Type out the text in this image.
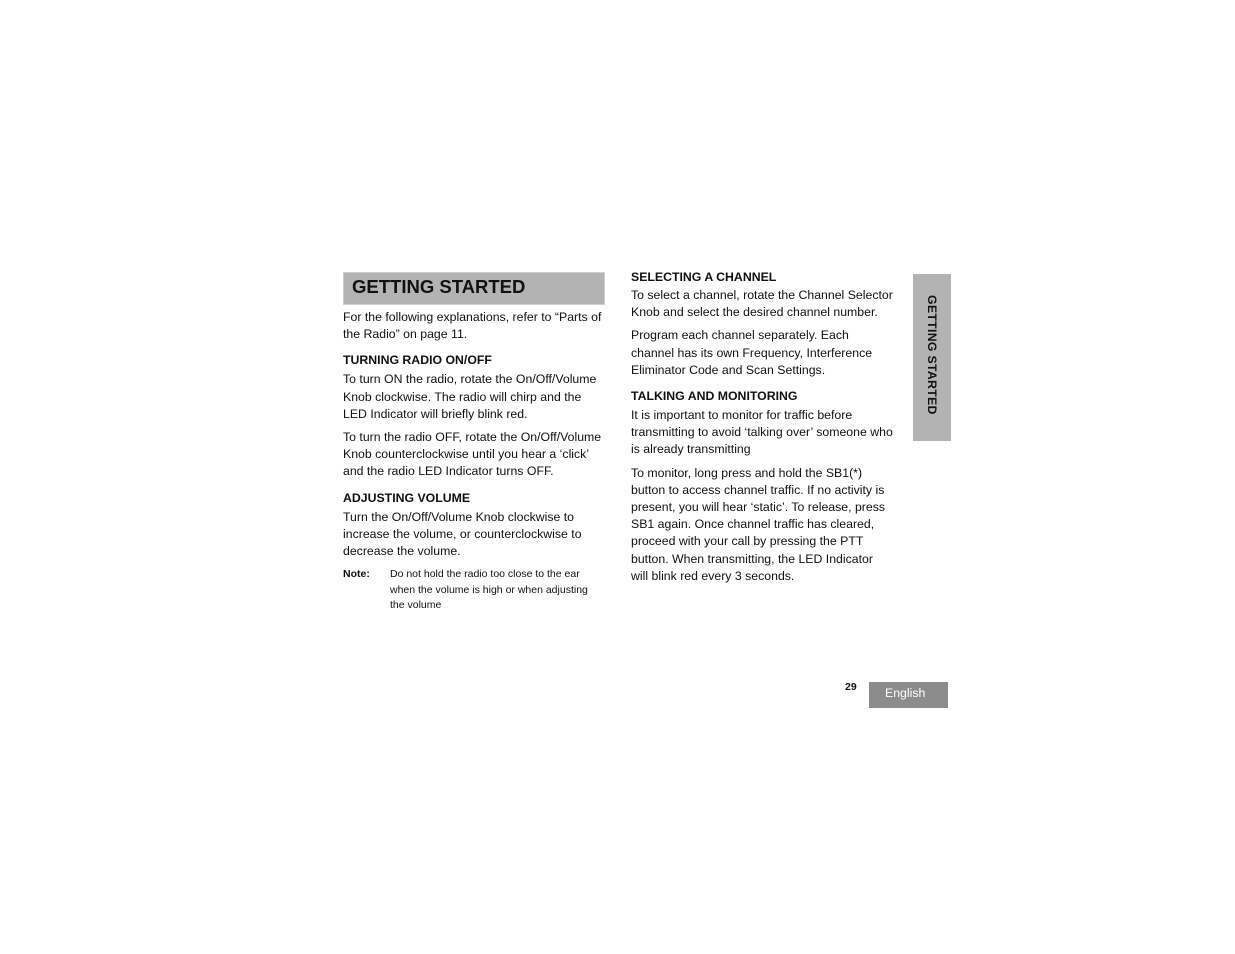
GETTING STARTED

For the following explanations, refer to “Parts of the Radio” on page 11.

TURNING RADIO ON/OFF

To turn ON the radio, rotate the On/Off/Volume Knob clockwise. The radio will chirp and the LED Indicator will briefly blink red.

To turn the radio OFF, rotate the On/Off/Volume Knob counterclockwise until you hear a ‘click’ and the radio LED Indicator turns OFF.

ADJUSTING VOLUME

Turn the On/Off/Volume Knob clockwise to increase the volume, or counterclockwise to decrease the volume.

Note:	Do not hold the radio too close to the ear when the volume is high or when adjusting the volume
SELECTING A CHANNEL

To select a channel, rotate the Channel Selector Knob and select the desired channel number.

Program each channel separately. Each channel has its own Frequency, Interference Eliminator Code and Scan Settings.

TALKING AND MONITORING

It is important to monitor for traffic before transmitting to avoid ‘talking over’ someone who is already transmitting

To monitor, long press and hold the SB1(*) button to access channel traffic. If no activity is present, you will hear ‘static’. To release, press SB1 again. Once channel traffic has cleared, proceed with your call by pressing the PTT button. When transmitting, the LED Indicator will blink red every 3 seconds.

GETTING STARTED
29	English
